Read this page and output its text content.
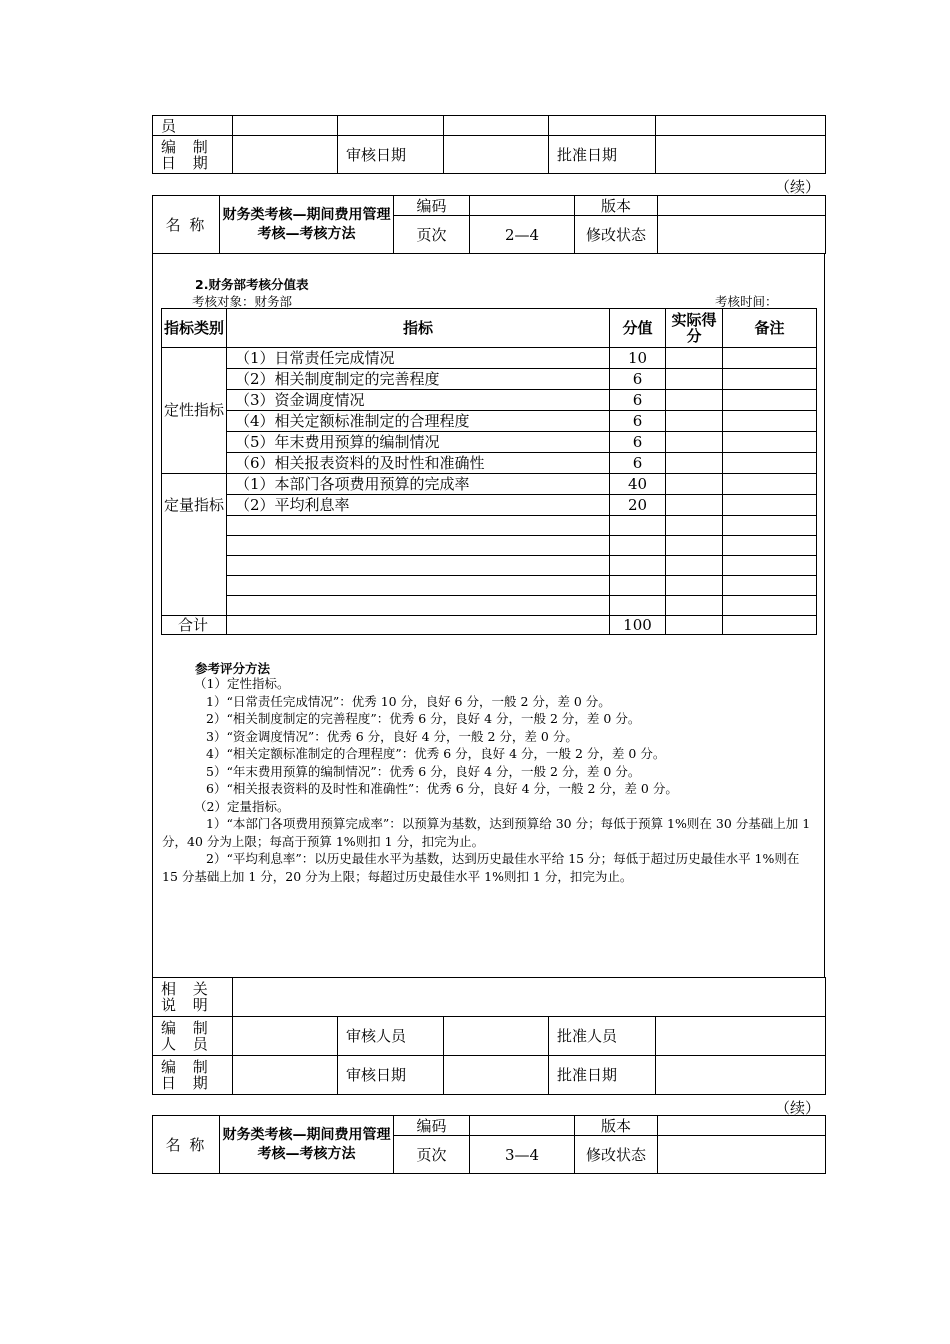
员					
编 制 日 期		审核日期		批准日期	
（续）
名 称	财务类考核—期间费用管理考核—考核方法	编码		版本	
		页次	2—4	修改状态	
2.财务部考核分值表
考核对象：财务部	考核时间：
指标类别	指标	分值	实际得分	备注
定性指标	（1）日常责任完成情况	10		
	（2）相关制度制定的完善程度	6		
	（3）资金调度情况	6		
	（4）相关定额标准制定的合理程度	6		
	（5）年末费用预算的编制情况	6		
	（6）相关报表资料的及时性和准确性	6		
定量指标	（1）本部门各项费用预算的完成率	40		
	（2）平均利息率	20		

合计		100		
参考评分方法

（1）定性指标。

1）“日常责任完成情况”：优秀 10 分，良好 6 分，一般 2 分，差 0 分。

2）“相关制度制定的完善程度”：优秀 6 分，良好 4 分，一般 2 分，差 0 分。

3）“资金调度情况”：优秀 6 分，良好 4 分，一般 2 分，差 0 分。

4）“相关定额标准制定的合理程度”：优秀 6 分，良好 4 分，一般 2 分，差 0 分。

5）“年末费用预算的编制情况”：优秀 6 分，良好 4 分，一般 2 分，差 0 分。

6）“相关报表资料的及时性和准确性”：优秀 6 分，良好 4 分，一般 2 分，差 0 分。

（2）定量指标。

1）“本部门各项费用预算完成率”：以预算为基数，达到预算给 30 分；每低于预算 1%则在 30 分基础上加 1 分，40 分为上限；每高于预算 1%则扣 1 分，扣完为止。

2）“平均利息率”：以历史最佳水平为基数，达到历史最佳水平给 15 分；每低于超过历史最佳水平 1%则在 15 分基础上加 1 分，20 分为上限；每超过历史最佳水平 1%则扣 1 分，扣完为止。

相 关 说 明					
编 制 人 员		审核人员		批准人员	
编 制 日 期		审核日期		批准日期	
（续）
名 称	财务类考核—期间费用管理考核—考核方法	编码		版本	
		页次	3—4	修改状态	
